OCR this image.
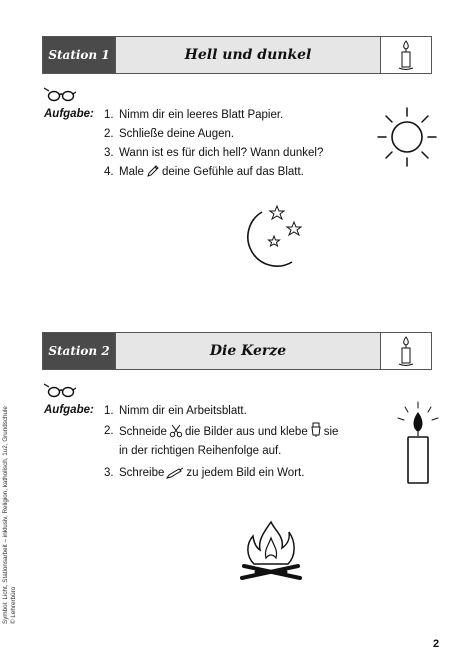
Station 1	Hell und dunkel
Aufgabe: 1. Nimm dir ein leeres Blatt Papier.
2. Schließe deine Augen.
3. Wann ist es für dich hell? Wann dunkel?
4. Male deine Gefühle auf das Blatt.
Station 2	Die Kerze
Aufgabe: 1. Nimm dir ein Arbeitsblatt.
2. Schneide die Bilder aus und klebe sie in der richtigen Reihenfolge auf.
3. Schreibe zu jedem Bild ein Wort.
Symbol: Licht, Stationsarbeit – inklusiv, Religion, katholisch, 1u2, Grundschule © Lehrerbüro
2
